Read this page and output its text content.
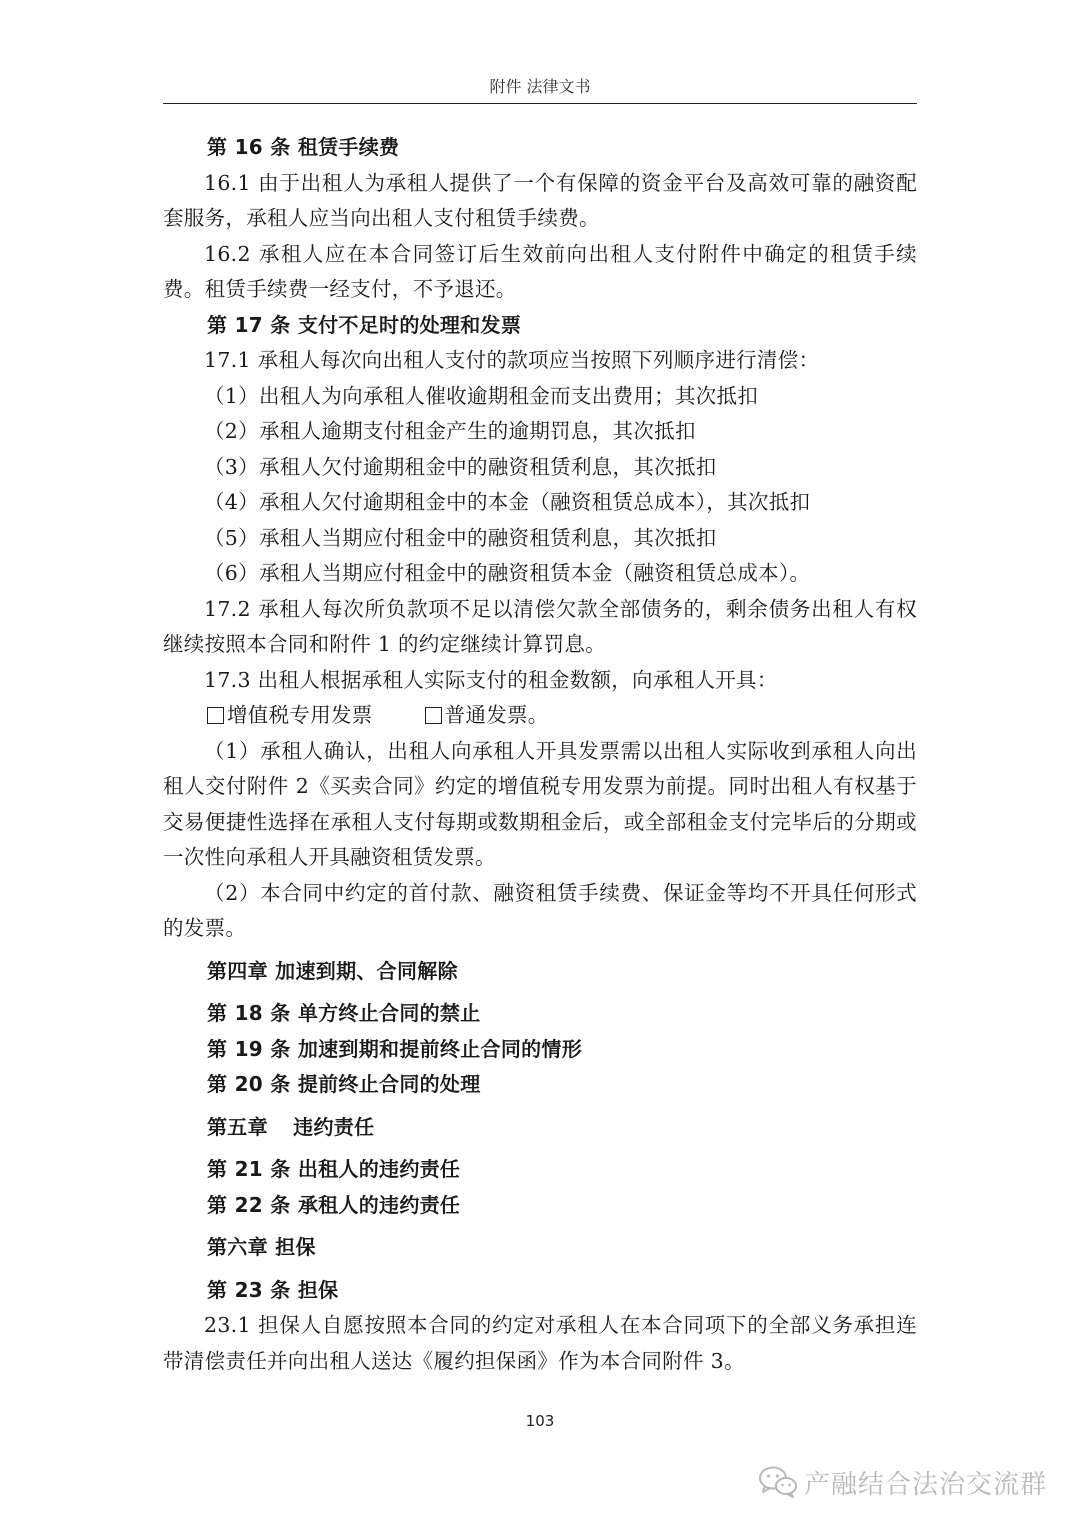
附件 法律文书

第 16 条 租赁手续费

16.1 由于出租人为承租人提供了一个有保障的资金平台及高效可靠的融资配套服务，承租人应当向出租人支付租赁手续费。

16.2 承租人应在本合同签订后生效前向出租人支付附件中确定的租赁手续费。租赁手续费一经支付，不予退还。

第 17 条 支付不足时的处理和发票

17.1 承租人每次向出租人支付的款项应当按照下列顺序进行清偿：

（1）出租人为向承租人催收逾期租金而支出费用；其次抵扣

（2）承租人逾期支付租金产生的逾期罚息，其次抵扣

（3）承租人欠付逾期租金中的融资租赁利息，其次抵扣

（4）承租人欠付逾期租金中的本金（融资租赁总成本），其次抵扣

（5）承租人当期应付租金中的融资租赁利息，其次抵扣

（6）承租人当期应付租金中的融资租赁本金（融资租赁总成本）。

17.2 承租人每次所负款项不足以清偿欠款全部债务的，剩余债务出租人有权继续按照本合同和附件 1 的约定继续计算罚息。

17.3 出租人根据承租人实际支付的租金数额，向承租人开具：

增值税专用发票	普通发票。

（1）承租人确认，出租人向承租人开具发票需以出租人实际收到承租人向出租人交付附件 2《买卖合同》约定的增值税专用发票为前提。同时出租人有权基于交易便捷性选择在承租人支付每期或数期租金后，或全部租金支付完毕后的分期或一次性向承租人开具融资租赁发票。

（2）本合同中约定的首付款、融资租赁手续费、保证金等均不开具任何形式的发票。

第四章 加速到期、合同解除

第 18 条 单方终止合同的禁止

第 19 条 加速到期和提前终止合同的情形

第 20 条 提前终止合同的处理

第五章 违约责任

第 21 条 出租人的违约责任

第 22 条 承租人的违约责任

第六章 担保

第 23 条 担保

23.1 担保人自愿按照本合同的约定对承租人在本合同项下的全部义务承担连带清偿责任并向出租人送达《履约担保函》作为本合同附件 3。

103
产融结合法治交流群
